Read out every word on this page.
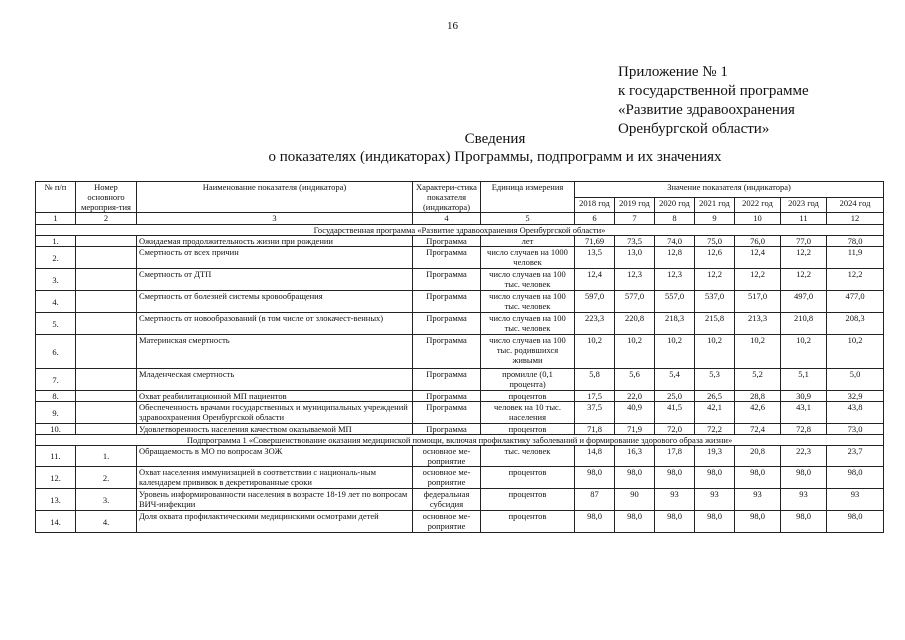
16
Приложение № 1
к государственной программе
«Развитие здравоохранения
Оренбургской области»
Сведения
о показателях (индикаторах) Программы, подпрограмм и их значениях
№ п/п	Номер основного мероприя-тия	Наименование показателя (индикатора)	Характери-стика показателя (индикатора)	Единица измерения	Значение показателя (индикатора)						
					2018 год	2019 год	2020 год	2021 год	2022 год	2023 год	2024 год
1	2	3	4	5	6	7	8	9	10	11	12
Государственная программа «Развитие здравоохранения Оренбургской области»											
1.		Ожидаемая продолжительность жизни при рождении	Программа	лет	71,69	73,5	74,0	75,0	76,0	77,0	78,0
2.		Смертность от всех причин	Программа	число случаев на 1000 человек	13,5	13,0	12,8	12,6	12,4	12,2	11,9
3.		Смертность от ДТП	Программа	число случаев на 100 тыс. человек	12,4	12,3	12,3	12,2	12,2	12,2	12,2
4.		Смертность от болезней системы кровообращения	Программа	число случаев на 100 тыс. человек	597,0	577,0	557,0	537,0	517,0	497,0	477,0
5.		Смертность от новообразований (в том числе от злокачест-венных)	Программа	число случаев на 100 тыс. человек	223,3	220,8	218,3	215,8	213,3	210,8	208,3
6.		Материнская смертность	Программа	число случаев на 100 тыс. родившихся живыми	10,2	10,2	10,2	10,2	10,2	10,2	10,2
7.		Младенческая смертность	Программа	промилле (0,1 процента)	5,8	5,6	5,4	5,3	5,2	5,1	5,0
8.		Охват реабилитационной МП пациентов	Программа	процентов	17,5	22,0	25,0	26,5	28,8	30,9	32,9
9.		Обеспеченность врачами государственных и муниципальных учреждений здравоохранения Оренбургской области	Программа	человек на 10 тыс. населения	37,5	40,9	41,5	42,1	42,6	43,1	43,8
10.		Удовлетворенность населения качеством оказываемой МП	Программа	процентов	71,8	71,9	72,0	72,2	72,4	72,8	73,0
Подпрограмма 1 «Совершенствование оказания медицинской помощи, включая профилактику заболеваний и формирование здорового образа жизни»											
11.	1.	Обращаемость в МО по вопросам ЗОЖ	основное ме-роприятие	тыс. человек	14,8	16,3	17,8	19,3	20,8	22,3	23,7
12.	2.	Охват населения иммунизацией в соответствии с националь-ным календарем прививок в декретированные сроки	основное ме-роприятие	процентов	98,0	98,0	98,0	98,0	98,0	98,0	98,0
13.	3.	Уровень информированности населения в возрасте 18-19 лет по вопросам ВИЧ-инфекции	федеральная субсидия	процентов	87	90	93	93	93	93	93
14.	4.	Доля охвата профилактическими медицинскими осмотрами детей	основное ме-роприятие	процентов	98,0	98,0	98,0	98,0	98,0	98,0	98,0
